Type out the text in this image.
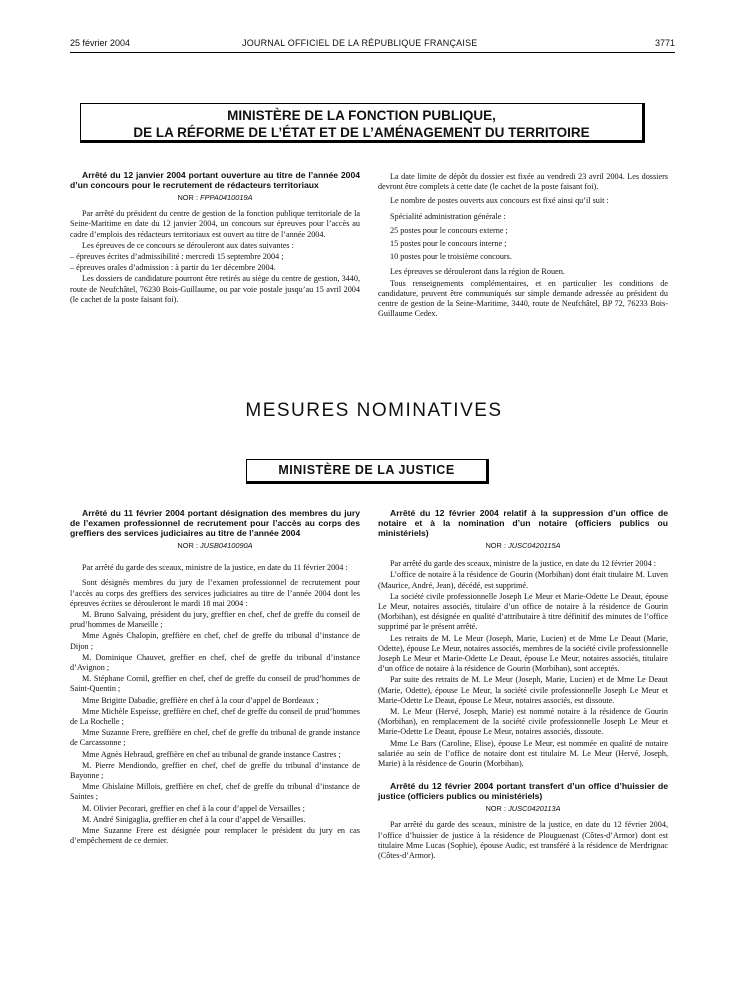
25 février 2004	JOURNAL OFFICIEL DE LA RÉPUBLIQUE FRANÇAISE	3771
MINISTÈRE DE LA FONCTION PUBLIQUE,
DE LA RÉFORME DE L’ÉTAT ET DE L’AMÉNAGEMENT DU TERRITOIRE
Arrêté du 12 janvier 2004 portant ouverture au titre de l’année 2004 d’un concours pour le recrutement de rédacteurs territoriaux
NOR : FPPA0410019A

Par arrêté du président du centre de gestion de la fonction publique territoriale de la Seine-Maritime en date du 12 janvier 2004, un concours sur épreuves pour l’accès au cadre d’emplois des rédacteurs territoriaux est ouvert au titre de l’année 2004.

Les épreuves de ce concours se dérouleront aux dates suivantes :

– épreuves écrites d’admissibilité : mercredi 15 septembre 2004 ;

– épreuves orales d’admission : à partir du 1er décembre 2004.

Les dossiers de candidature pourront être retirés au siège du centre de gestion, 3440, route de Neufchâtel, 76230 Bois-Guillaume, ou par voie postale jusqu’au 15 avril 2004 (le cachet de la poste faisant foi).

La date limite de dépôt du dossier est fixée au vendredi 23 avril 2004. Les dossiers devront être complets à cette date (le cachet de la poste faisant foi).

Le nombre de postes ouverts aux concours est fixé ainsi qu’il suit :

Spécialité administration générale :

25 postes pour le concours externe ;

15 postes pour le concours interne ;

10 postes pour le troisième concours.

Les épreuves se dérouleront dans la région de Rouen.

Tous renseignements complémentaires, et en particulier les conditions de candidature, peuvent être communiqués sur simple demande adressée au président du centre de gestion de la Seine-Maritime, 3440, route de Neufchâtel, BP 72, 76233 Bois-Guillaume Cedex.

MESURES NOMINATIVES
MINISTÈRE DE LA JUSTICE
Arrêté du 11 février 2004 portant désignation des membres du jury de l’examen professionnel de recrutement pour l’accès au corps des greffiers des services judiciaires au titre de l’année 2004
NOR : JUSB0410090A

Par arrêté du garde des sceaux, ministre de la justice, en date du 11 février 2004 :

Sont désignés membres du jury de l’examen professionnel de recrutement pour l’accès au corps des greffiers des services judiciaires au titre de l’année 2004 dont les épreuves écrites se dérouleront le mardi 18 mai 2004 :

M. Bruno Salvaing, président du jury, greffier en chef, chef de greffe du conseil de prud’hommes de Marseille ;

Mme Agnès Chalopin, greffière en chef, chef de greffe du tribunal d’instance de Dijon ;

M. Dominique Chauvet, greffier en chef, chef de greffe du tribunal d’instance d’Avignon ;

M. Stéphane Cornil, greffier en chef, chef de greffe du conseil de prud’hommes de Saint-Quentin ;

Mme Brigitte Dabadie, greffière en chef à la cour d’appel de Bordeaux ;

Mme Michèle Espeisse, greffière en chef, chef de greffe du conseil de prud’hommes de La Rochelle ;

Mme Suzanne Frere, greffière en chef, chef de greffe du tribunal de grande instance de Carcassonne ;

Mme Agnès Hebraud, greffière en chef au tribunal de grande instance Castres ;

M. Pierre Mendiondo, greffier en chef, chef de greffe du tribunal d’instance de Bayonne ;

Mme Ghislaine Millois, greffière en chef, chef de greffe du tribunal d’instance de Saintes ;

M. Olivier Pecorari, greffier en chef à la cour d’appel de Versailles ;

M. André Sinigaglia, greffier en chef à la cour d’appel de Versailles.

Mme Suzanne Frere est désignée pour remplacer le président du jury en cas d’empêchement de ce dernier.

Arrêté du 12 février 2004 relatif à la suppression d’un office de notaire et à la nomination d’un notaire (officiers publics ou ministériels)
NOR : JUSC0420115A

Par arrêté du garde des sceaux, ministre de la justice, en date du 12 février 2004 :

L’office de notaire à la résidence de Gourin (Morbihan) dont était titulaire M. Luven (Maurice, André, Jean), décédé, est supprimé.

La société civile professionnelle Joseph Le Meur et Marie-Odette Le Deaut, épouse Le Meur, notaires associés, titulaire d’un office de notaire à la résidence de Gourin (Morbihan), est désignée en qualité d’attributaire à titre définitif des minutes de l’office supprimé par le présent arrêté.

Les retraits de M. Le Meur (Joseph, Marie, Lucien) et de Mme Le Deaut (Marie, Odette), épouse Le Meur, notaires associés, membres de la société civile professionnelle Joseph Le Meur et Marie-Odette Le Deaut, épouse Le Meur, notaires associés, titulaire d’un office de notaire à la résidence de Gourin (Morbihan), sont acceptés.

Par suite des retraits de M. Le Meur (Joseph, Marie, Lucien) et de Mme Le Deaut (Marie, Odette), épouse Le Meur, la société civile professionnelle Joseph Le Meur et Marie-Odette Le Deaut, épouse Le Meur, notaires associés, est dissoute.

M. Le Meur (Hervé, Joseph, Marie) est nommé notaire à la résidence de Gourin (Morbihan), en remplacement de la société civile professionnelle Joseph Le Meur et Marie-Odette Le Deaut, épouse Le Meur, notaires associés, dissoute.

Mme Le Bars (Caroline, Elise), épouse Le Meur, est nommée en qualité de notaire salariée au sein de l’office de notaire dont est titulaire M. Le Meur (Hervé, Joseph, Marie) à la résidence de Gourin (Morbihan).

Arrêté du 12 février 2004 portant transfert d’un office d’huissier de justice (officiers publics ou ministériels)
NOR : JUSC0420113A

Par arrêté du garde des sceaux, ministre de la justice, en date du 12 février 2004, l’office d’huissier de justice à la résidence de Plouguenast (Côtes-d’Armor) dont est titulaire Mme Lucas (Sophie), épouse Audic, est transféré à la résidence de Merdrignac (Côtes-d’Armor).
